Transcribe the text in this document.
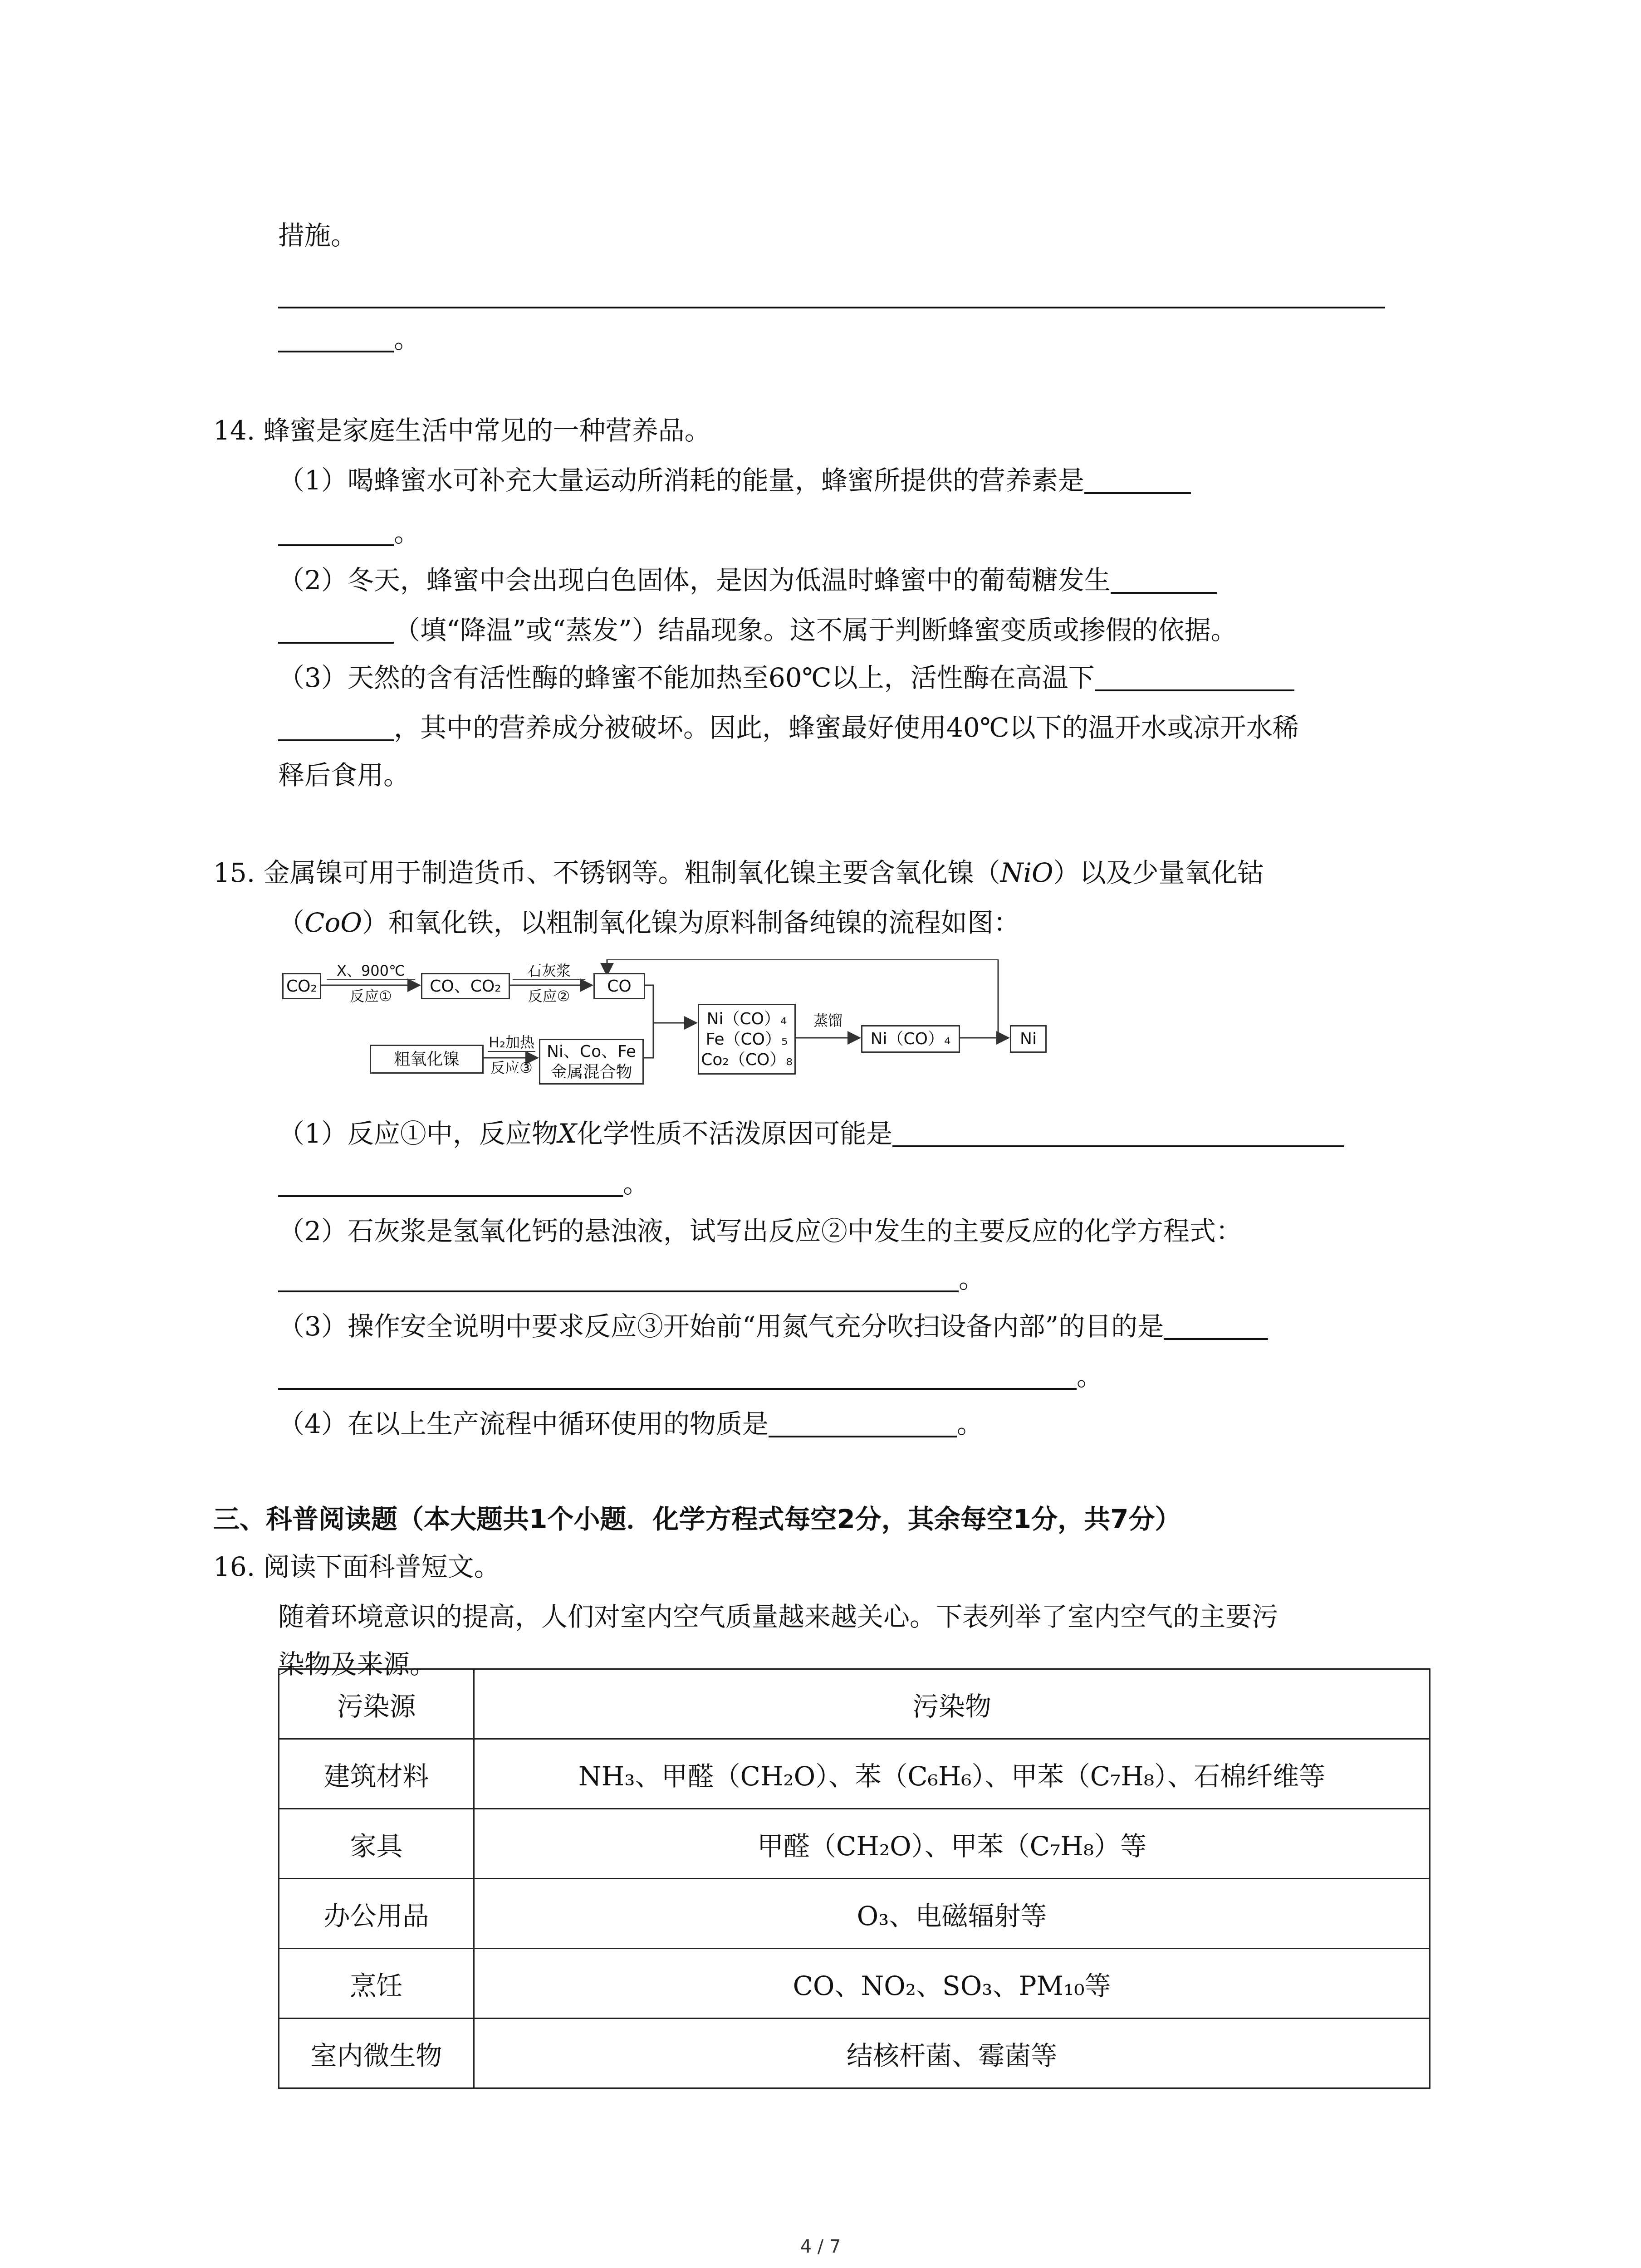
措施。
。
14. 蜂蜜是家庭生活中常见的一种营养品。
（1）喝蜂蜜水可补充大量运动所消耗的能量，蜂蜜所提供的营养素是
。
（2）冬天，蜂蜜中会出现白色固体，是因为低温时蜂蜜中的葡萄糖发生
（填“降温”或“蒸发”）结晶现象。这不属于判断蜂蜜变质或掺假的依据。
（3）天然的含有活性酶的蜂蜜不能加热至60℃以上，活性酶在高温下
，其中的营养成分被破坏。因此，蜂蜜最好使用40℃以下的温开水或凉开水稀
释后食用。
15. 金属镍可用于制造货币、不锈钢等。粗制氧化镍主要含氧化镍（NiO）以及少量氧化钴
（CoO）和氧化铁，以粗制氧化镍为原料制备纯镍的流程如图：
CO₂
X、900℃
反应①
CO、CO₂
石灰浆
反应②
CO
Ni（CO）₄
Fe（CO）₅
Co₂（CO）₈
蒸馏
Ni（CO）₄	Ni
粗氧化镍
H₂加热
反应③
Ni、Co、Fe
金属混合物
（1）反应①中，反应物X化学性质不活泼原因可能是
。
（2）石灰浆是氢氧化钙的悬浊液，试写出反应②中发生的主要反应的化学方程式：
。
（3）操作安全说明中要求反应③开始前“用氮气充分吹扫设备内部”的目的是
。
（4）在以上生产流程中循环使用的物质是	。
三、科普阅读题（本大题共1个小题．化学方程式每空2分，其余每空1分，共7分）
16. 阅读下面科普短文。
随着环境意识的提高，人们对室内空气质量越来越关心。下表列举了室内空气的主要污
染物及来源。
污染源	污染物
建筑材料	NH₃、甲醛（CH₂O）、苯（C₆H₆）、甲苯（C₇H₈）、石棉纤维等
家具	甲醛（CH₂O）、甲苯（C₇H₈）等
办公用品	O₃、电磁辐射等
烹饪	CO、NO₂、SO₃、PM₁₀等
室内微生物	结核杆菌、霉菌等
4 / 7
